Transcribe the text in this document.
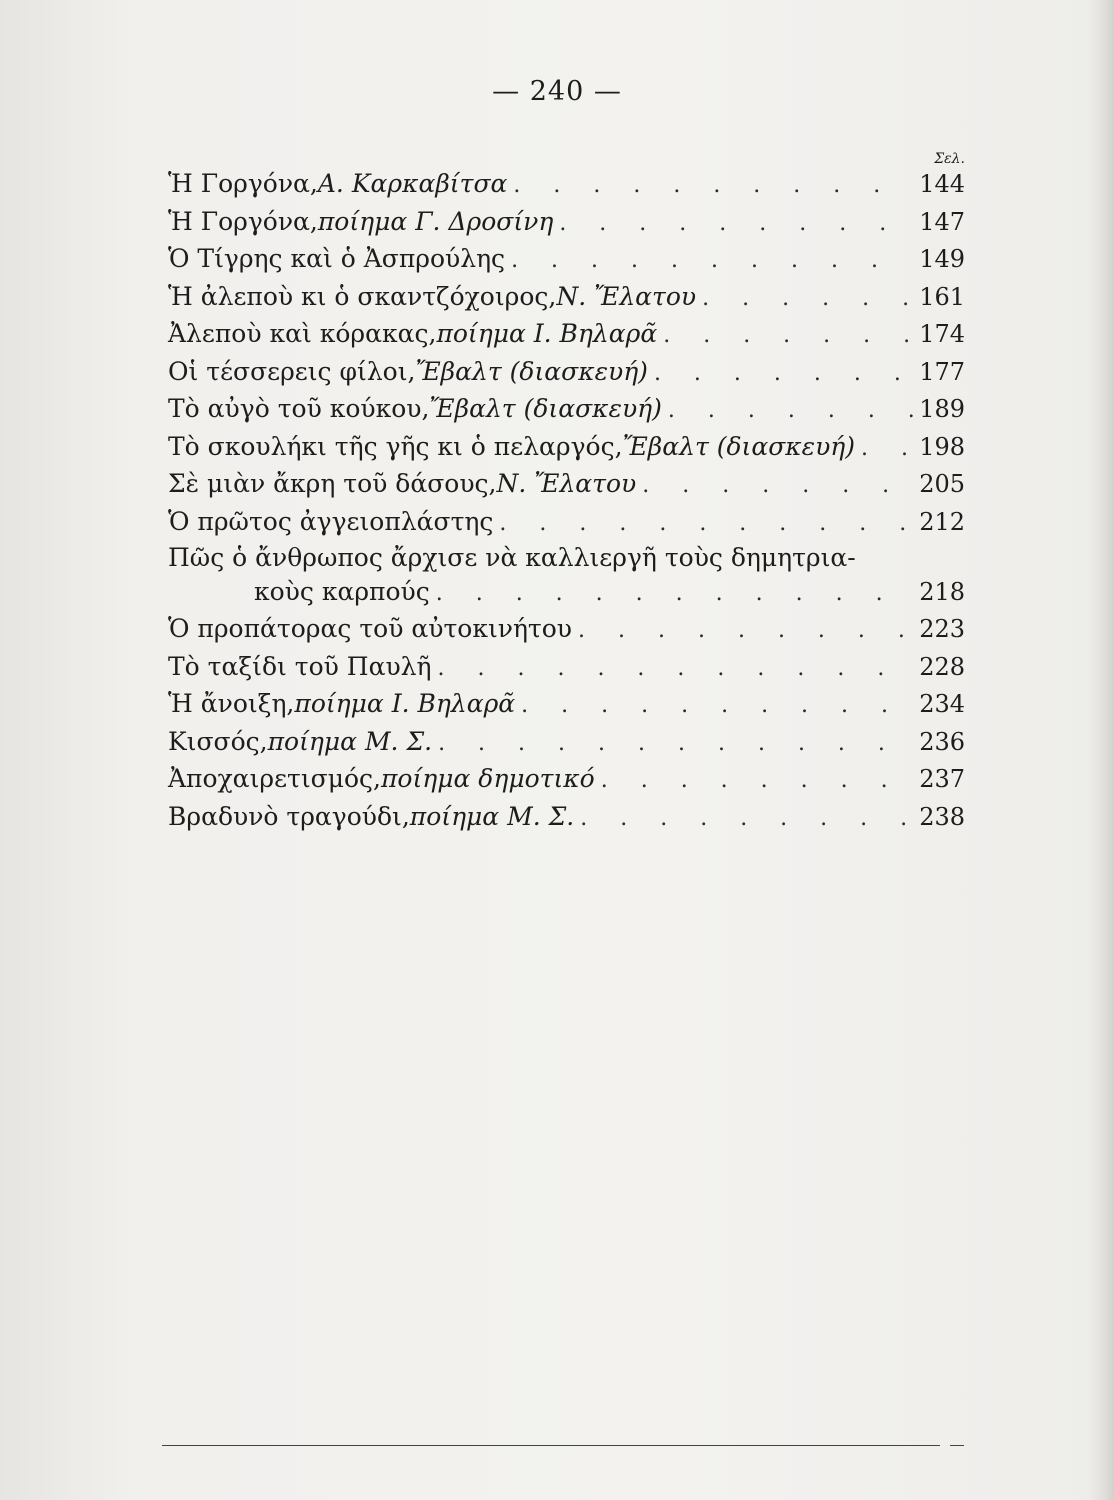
— 240 —
Σελ.
Ἡ Γοργόνα, Α. Καρκαβίτσα . . .	144
Ἡ Γοργόνα, ποίημα Γ. Δροσίνη . . .	147
Ὁ Τίγρης καὶ ὁ Ἀσπρούλης . . .	149
Ἡ ἀλεποὺ κι ὁ σκαντζόχοιρος, Ν. Ἔλατου . . .	161
Ἀλεποὺ καὶ κόρακας, ποίημα Ι. Βηλαρᾶ . . .	174
Οἱ τέσσερεις φίλοι, Ἔβαλτ (διασκευή) . . .	177
Τὸ αὐγὸ τοῦ κούκου, Ἔβαλτ (διασκευή) . . .	189
Τὸ σκουλήκι τῆς γῆς κι ὁ πελαργός, Ἔβαλτ (διασκευή) . . .	198
Σὲ μιὰν ἄκρη τοῦ δάσους, Ν. Ἔλατου . . .	205
Ὁ πρῶτος ἀγγειοπλάστης . . .	212
Πῶς ὁ ἄνθρωπος ἄρχισε νὰ καλλιεργῆ τοὺς δημητρια-
κοὺς καρπούς . . .	218
Ὁ προπάτορας τοῦ αὐτοκινήτου . . .	223
Τὸ ταξίδι τοῦ Παυλῆ . . .	228
Ἡ ἄνοιξη, ποίημα Ι. Βηλαρᾶ . . .	234
Κισσός, ποίημα Μ. Σ. . . .	236
Ἀποχαιρετισμός, ποίημα δημοτικό . . .	237
Βραδυνὸ τραγούδι, ποίημα Μ. Σ. . . .	238
